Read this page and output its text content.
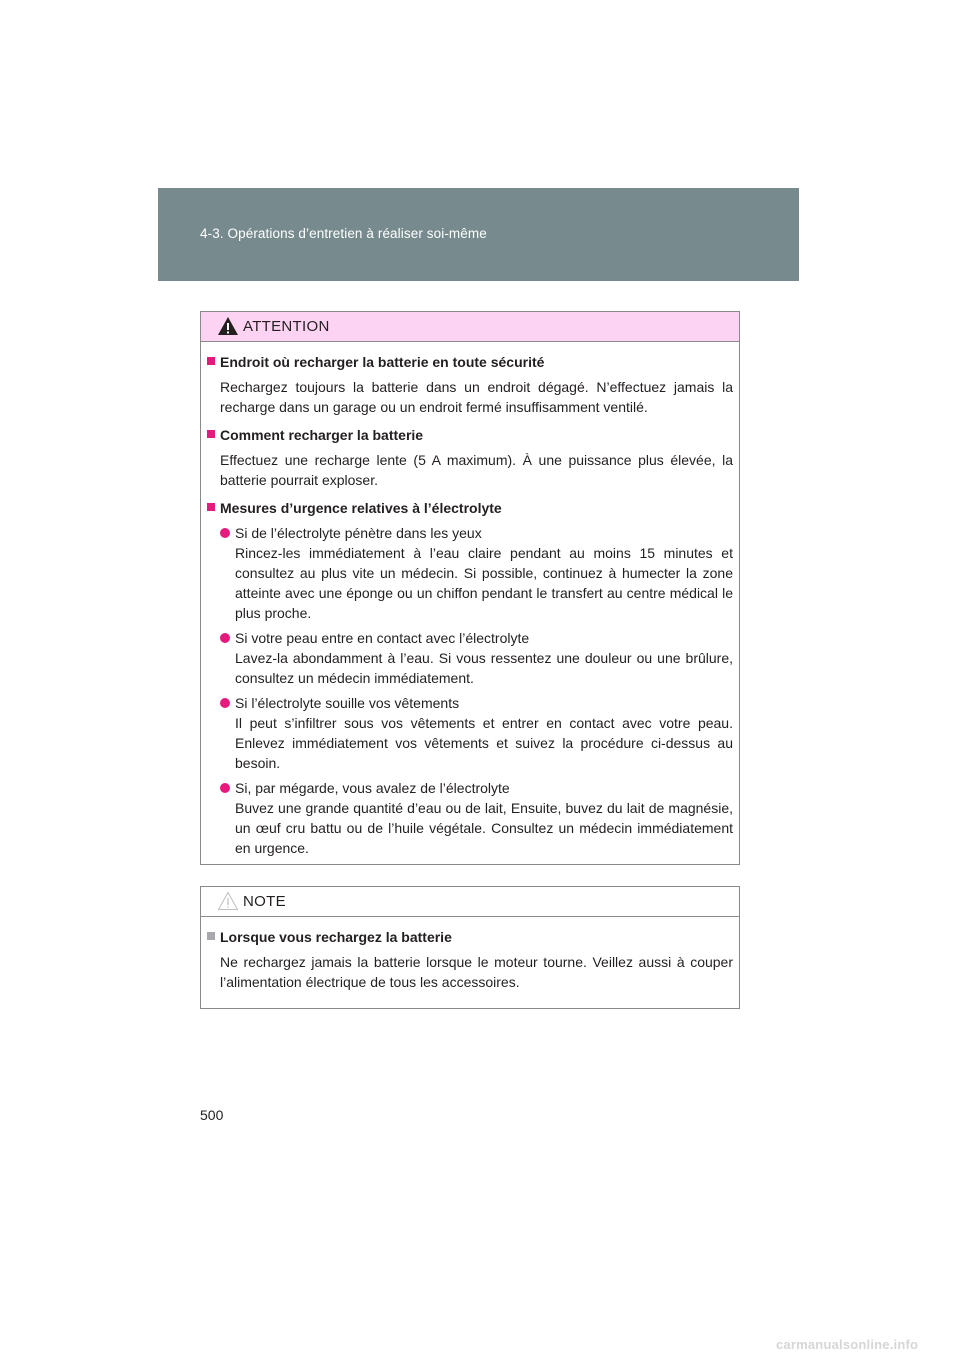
4-3. Opérations d’entretien à réaliser soi-même
ATTENTION
Endroit où recharger la batterie en toute sécurité
Rechargez toujours la batterie dans un endroit dégagé. N’effectuez jamais la recharge dans un garage ou un endroit fermé insuffisamment ventilé.
Comment recharger la batterie
Effectuez une recharge lente (5 A maximum). À une puissance plus élevée, la batterie pourrait exploser.
Mesures d’urgence relatives à l’électrolyte
Si de l’électrolyte pénètre dans les yeux
Rincez-les immédiatement à l’eau claire pendant au moins 15 minutes et consultez au plus vite un médecin. Si possible, continuez à humecter la zone atteinte avec une éponge ou un chiffon pendant le transfert au centre médical le plus proche.
Si votre peau entre en contact avec l’électrolyte
Lavez-la abondamment à l’eau. Si vous ressentez une douleur ou une brûlure, consultez un médecin immédiatement.
Si l’électrolyte souille vos vêtements
Il peut s’infiltrer sous vos vêtements et entrer en contact avec votre peau. Enlevez immédiatement vos vêtements et suivez la procédure ci-dessus au besoin.
Si, par mégarde, vous avalez de l’électrolyte
Buvez une grande quantité d’eau ou de lait, Ensuite, buvez du lait de magnésie, un œuf cru battu ou de l’huile végétale. Consultez un médecin immédiatement en urgence.
NOTE
Lorsque vous rechargez la batterie
Ne rechargez jamais la batterie lorsque le moteur tourne. Veillez aussi à couper l’alimentation électrique de tous les accessoires.
500
carmanualsonline.info
